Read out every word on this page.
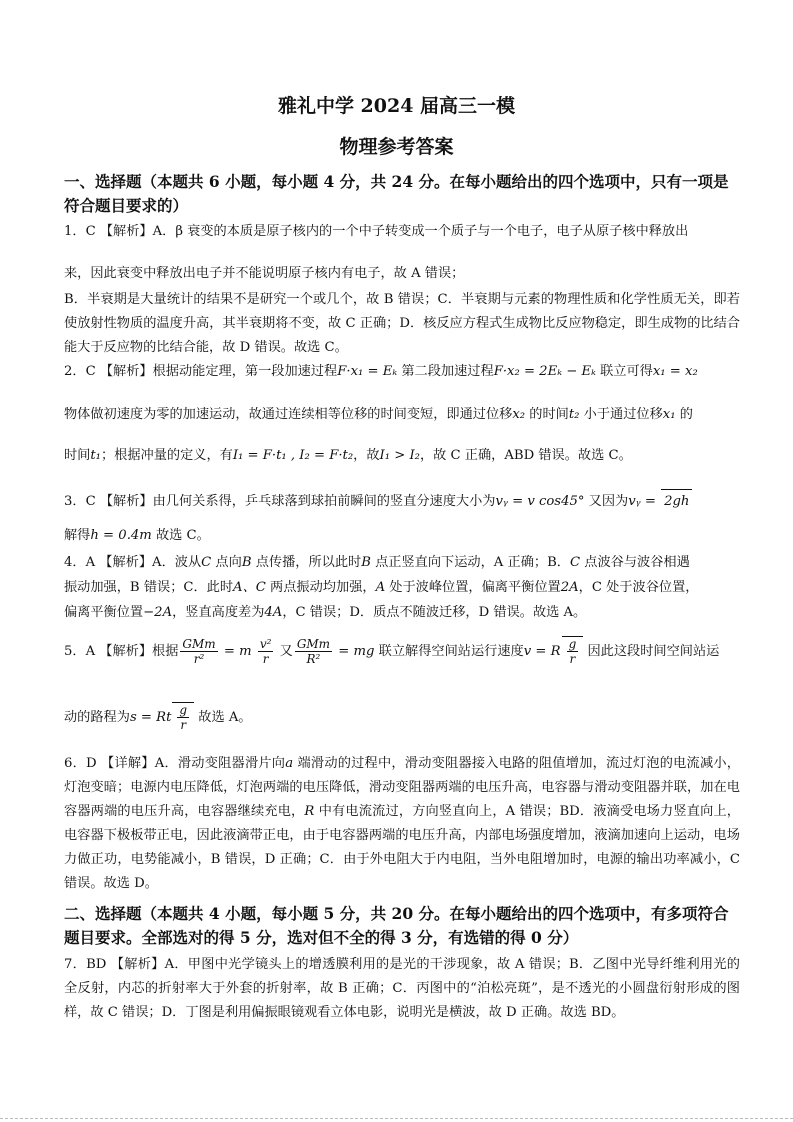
雅礼中学 2024 届高三一模
物理参考答案
一、选择题（本题共 6 小题，每小题 4 分，共 24 分。在每小题给出的四个选项中，只有一项是符合题目要求的）
1．C 【解析】A．β 衰变的本质是原子核内的一个中子转变成一个质子与一个电子，电子从原子核中释放出
来，因此衰变中释放出电子并不能说明原子核内有电子，故 A 错误；
B．半衰期是大量统计的结果不是研究一个或几个，故 B 错误；C．半衰期与元素的物理性质和化学性质无关，即若使放射性物质的温度升高，其半衰期将不变，故 C 正确；D．核反应方程式生成物比反应物稳定，即生成物的比结合能大于反应物的比结合能，故 D 错误。故选 C。
2．C 【解析】根据动能定理，第一段加速过程F·x₁ = Eₖ 第二段加速过程F·x₂ = 2Eₖ − Eₖ 联立可得x₁ = x₂
物体做初速度为零的加速运动，故通过连续相等位移的时间变短，即通过位移x₂ 的时间t₂ 小于通过位移x₁ 的
时间t₁；根据冲量的定义，有I₁ = F·t₁ , I₂ = F·t₂，故I₁ > I₂，故 C 正确，ABD 错误。故选 C。
3．C 【解析】由几何关系得，乒乓球落到球拍前瞬间的竖直分速度大小为vᵧ = v cos45° 又因为vᵧ = 2gh
解得h = 0.4m 故选 C。
4．A 【解析】A．波从C 点向B 点传播，所以此时B 点正竖直向下运动，A 正确；B．C 点波谷与波谷相遇
振动加强，B 错误；C．此时A、C 两点振动均加强，A 处于波峰位置，偏离平衡位置2A，C 处于波谷位置，
偏离平衡位置−2A，竖直高度差为4A，C 错误；D．质点不随波迁移，D 错误。故选 A。
5．A 【解析】根据 $\frac{\text{GMm}}{\text{r²}} = m \frac{\text{v²}}{r}$ 又 $\frac{\text{GMm}}{\text{R²}}$ = mg 联立解得空间站运行速度v = R $\frac{g}{r}$ 因此这段时间空间站运
动的路程为s = Rt $\frac{g}{r}$ 故选 A。
6．D 【详解】A．滑动变阻器滑片向a 端滑动的过程中，滑动变阻器接入电路的阻值增加，流过灯泡的电流减小，灯泡变暗；电源内电压降低，灯泡两端的电压降低，滑动变阻器两端的电压升高，电容器与滑动变阻器并联，加在电容器两端的电压升高，电容器继续充电，R 中有电流流过，方向竖直向上，A 错误；BD．液滴受电场力竖直向上，电容器下极板带正电，因此液滴带正电，由于电容器两端的电压升高，内部电场强度增加，液滴加速向上运动，电场力做正功，电势能减小，B 错误，D 正确；C．由于外电阻大于内电阻，当外电阻增加时，电源的输出功率减小，C 错误。故选 D。
二、选择题（本题共 4 小题，每小题 5 分，共 20 分。在每小题给出的四个选项中，有多项符合题目要求。全部选对的得 5 分，选对但不全的得 3 分，有选错的得 0 分）
7．BD 【解析】A．甲图中光学镜头上的增透膜利用的是光的干涉现象，故 A 错误；B．乙图中光导纤维利用光的全反射，内芯的折射率大于外套的折射率，故 B 正确；C．丙图中的“泊松亮斑”，是不透光的小圆盘衍射形成的图样，故 C 错误；D．丁图是利用偏振眼镜观看立体电影，说明光是横波，故 D 正确。故选 BD。
